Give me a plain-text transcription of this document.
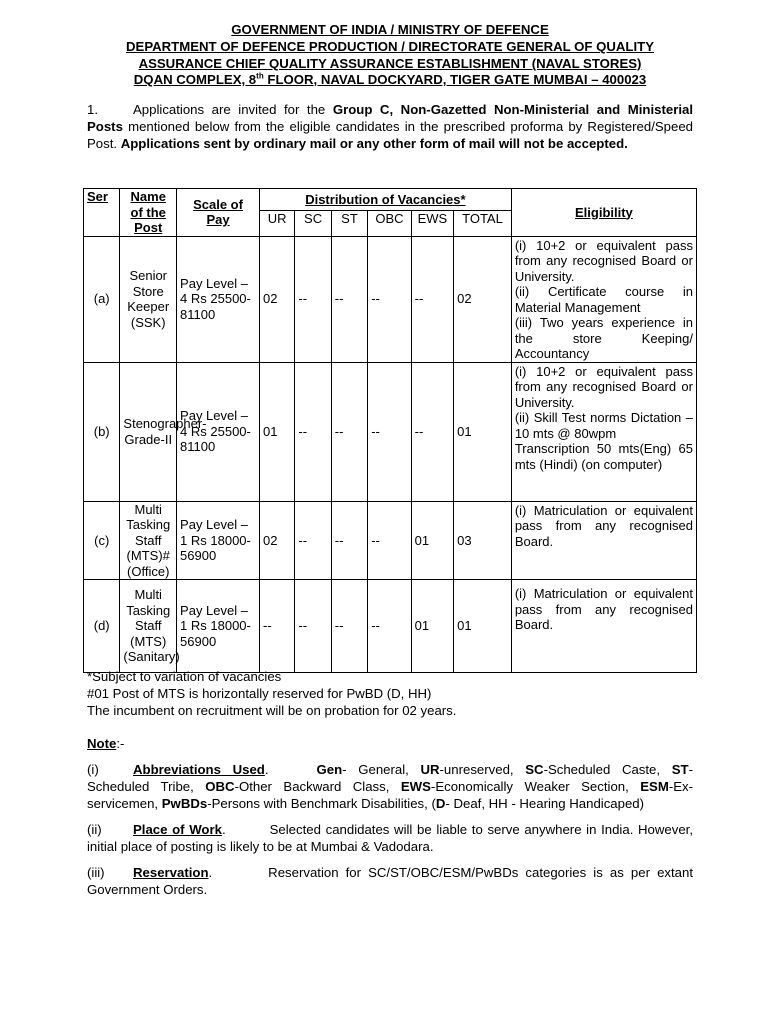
GOVERNMENT OF INDIA / MINISTRY OF DEFENCE
DEPARTMENT OF DEFENCE PRODUCTION / DIRECTORATE GENERAL OF QUALITY
ASSURANCE CHIEF QUALITY ASSURANCE ESTABLISHMENT (NAVAL STORES)
DQAN COMPLEX, 8th FLOOR, NAVAL DOCKYARD, TIGER GATE MUMBAI – 400023
1.	Applications are invited for the Group C, Non-Gazetted Non-Ministerial and Ministerial Posts mentioned below from the eligible candidates in the prescribed proforma by Registered/Speed Post. Applications sent by ordinary mail or any other form of mail will not be accepted.
Ser	Name of the Post	Scale of Pay	Distribution of Vacancies*						Eligibility
			UR	SC	ST	OBC	EWS	TOTAL	
(a)	Senior Store Keeper (SSK)	Pay Level – 4 Rs 25500-81100	02	--	--	--	--	02	(i) 10+2 or equivalent pass from any recognised Board or University.
(ii) Certificate course in Material Management
(iii) Two years experience in the store Keeping/ Accountancy

(b)	Stenographer-Grade-II	Pay Level – 4 Rs 25500-81100	01	--	--	--	--	01	(i) 10+2 or equivalent pass from any recognised Board or University.
(ii) Skill Test norms Dictation – 10 mts @ 80wpm
Transcription 50 mts(Eng) 65 mts (Hindi) (on computer)

(c)	Multi Tasking Staff (MTS)# (Office)	Pay Level – 1 Rs 18000-56900	02	--	--	--	01	03	(i) Matriculation or equivalent pass from any recognised Board.

(d)	Multi Tasking Staff (MTS) (Sanitary)	Pay Level – 1 Rs 18000-56900	--	--	--	--	01	01	(i) Matriculation or equivalent pass from any recognised Board.
*Subject to variation of vacancies
#01 Post of MTS is horizontally reserved for PwBD (D, HH)
The incumbent on recruitment will be on probation for 02 years.
Note:-
(i)	Abbreviations Used.	Gen- General, UR-unreserved, SC-Scheduled Caste, ST-Scheduled Tribe, OBC-Other Backward Class, EWS-Economically Weaker Section, ESM-Ex-servicemen, PwBDs-Persons with Benchmark Disabilities, (D- Deaf, HH - Hearing Handicaped)
(ii) Place of Work.	Selected candidates will be liable to serve anywhere in India. However, initial place of posting is likely to be at Mumbai & Vadodara.
(iii) Reservation.	Reservation for SC/ST/OBC/ESM/PwBDs categories is as per extant Government Orders.
